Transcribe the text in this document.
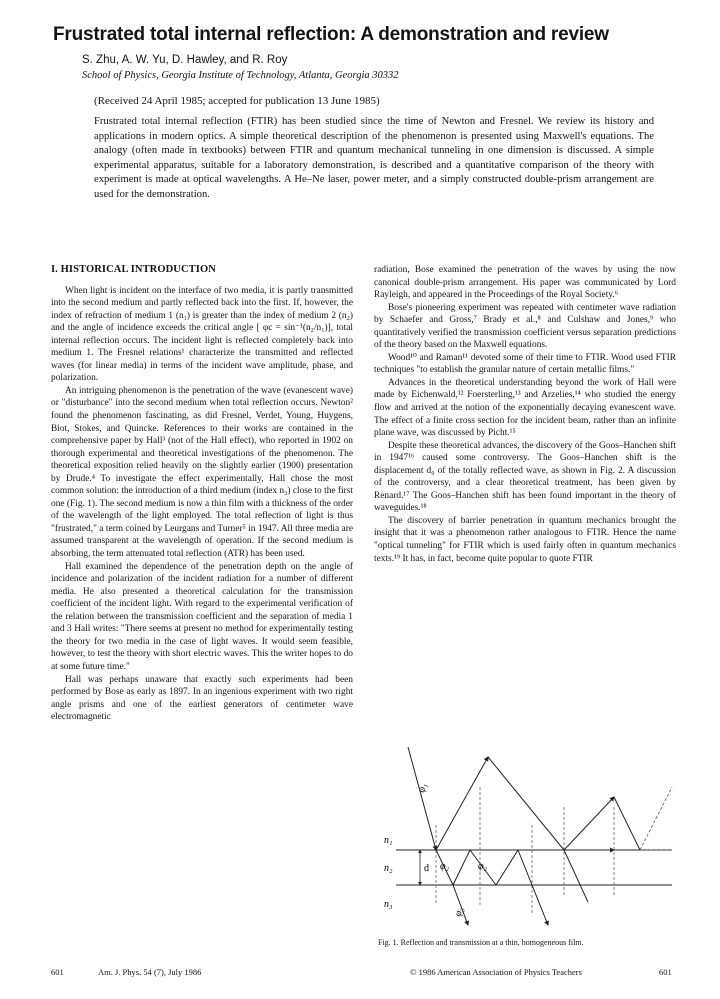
Frustrated total internal reflection: A demonstration and review
S. Zhu, A. W. Yu, D. Hawley, and R. Roy
School of Physics, Georgia Institute of Technology, Atlanta, Georgia 30332
(Received 24 April 1985; accepted for publication 13 June 1985)

Frustrated total internal reflection (FTIR) has been studied since the time of Newton and Fresnel. We review its history and applications in modern optics. A simple theoretical description of the phenomenon is presented using Maxwell's equations. The analogy (often made in textbooks) between FTIR and quantum mechanical tunneling in one dimension is discussed. A simple experimental apparatus, suitable for a laboratory demonstration, is described and a quantitative comparison of the theory with experiment is made at optical wavelengths. A He–Ne laser, power meter, and a simply constructed double-prism arrangement are used for the demonstration.

I. HISTORICAL INTRODUCTION

When light is incident on the interface of two media, it is partly transmitted into the second medium and partly reflected back into the first. If, however, the index of refraction of medium 1 (n₁) is greater than the index of medium 2 (n₂) and the angle of incidence exceeds the critical angle [ φc = sin⁻¹(n₂/n₁)], total internal reflection occurs. The incident light is reflected completely back into medium 1. The Fresnel relations¹ characterize the transmitted and reflected waves (for linear media) in terms of the incident wave amplitude, phase, and polarization.

An intriguing phenomenon is the penetration of the wave (evanescent wave) or "disturbance" into the second medium when total reflection occurs. Newton² found the phenomenon fascinating, as did Fresnel, Verdet, Young, Huygens, Biot, Stokes, and Quincke. References to their works are contained in the comprehensive paper by Hall³ (not of the Hall effect), who reported in 1902 on thorough experimental and theoretical investigations of the phenomenon. The theoretical exposition relied heavily on the slightly earlier (1900) presentation by Drude.⁴ To investigate the effect experimentally, Hall chose the most common solution: the introduction of a third medium (index n₃) close to the first one (Fig. 1). The second medium is now a thin film with a thickness of the order of the wavelength of the light employed. The total reflection of light is thus "frustrated," a term coined by Leurgans and Turner⁵ in 1947. All three media are assumed transparent at the wavelength of operation. If the second medium is absorbing, the term attenuated total reflection (ATR) has been used.

Hall examined the dependence of the penetration depth on the angle of incidence and polarization of the incident radiation for a number of different media. He also presented a theoretical calculation for the transmission coefficient of the incident light. With regard to the experimental verification of the relation between the transmission coefficient and the separation of media 1 and 3 Hall writes: "There seems at present no method for experimentally testing the theory for two media in the case of light waves. It would seem feasible, however, to test the theory with short electric waves. This the writer hopes to do at some future time."

Hall was perhaps unaware that exactly such experiments had been performed by Bose as early as 1897. In an ingenious experiment with two right angle prisms and one of the earliest generators of centimeter wave electromagnetic

radiation, Bose examined the penetration of the waves by using the now canonical double-prism arrangement. His paper was communicated by Lord Rayleigh, and appeared in the Proceedings of the Royal Society.⁶

Bose's pioneering experiment was repeated with centimeter wave radiation by Schaefer and Gross,⁷ Brady et al.,⁸ and Culshaw and Jones,⁹ who quantitatively verified the transmission coefficient versus separation predictions of the theory based on the Maxwell equations.

Wood¹⁰ and Raman¹¹ devoted some of their time to FTIR. Wood used FTIR techniques "to establish the granular nature of certain metallic films."

Advances in the theoretical understanding beyond the work of Hall were made by Eichenwald,¹² Foersterling,¹³ and Arzelies,¹⁴ who studied the energy flow and arrived at the notion of the exponentially decaying evanescent wave. The effect of a finite cross section for the incident beam, rather than an infinite plane wave, was discussed by Picht.¹⁵

Despite these theoretical advances, the discovery of the Goos–Hanchen shift in 1947¹⁶ caused some controversy. The Goos–Hanchen shift is the displacement d₀ of the totally reflected wave, as shown in Fig. 2. A discussion of the controversy, and a clear theoretical treatment, has been given by Renard.¹⁷ The Goos–Hanchen shift has been found important in the theory of waveguides.¹⁸

The discovery of barrier penetration in quantum mechanics brought the insight that it was a phenomenon rather analogous to FTIR. Hence the name "optical tunneling" for FTIR which is used fairly often in quantum mechanics texts.¹⁹ It has, in fact, become quite popular to quote FTIR

n₁
n₂
n₃
d
φ₁
φ₂	φ₂
φ₃
Fig. 1. Reflection and transmission at a thin, homogeneous film.
601	Am. J. Phys. 54 (7), July 1986	© 1986 American Association of Physics Teachers	601
